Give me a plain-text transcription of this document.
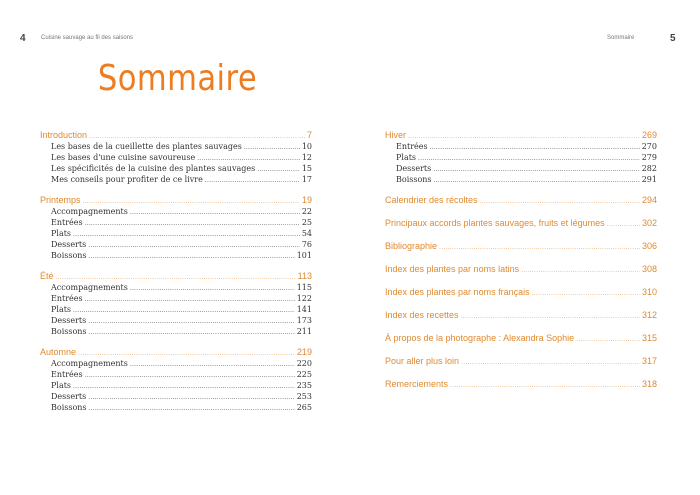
4	Cuisine sauvage au fil des saisons	Sommaire	5
Sommaire
Introduction .....	7
Les bases de la cueillette des plantes sauvages .....	10
Les bases d'une cuisine savoureuse .....	12
Les spécificités de la cuisine des plantes sauvages .....	15
Mes conseils pour profiter de ce livre .....	17
Printemps .....	19
Accompagnements .....	22
Entrées .....	25
Plats .....	54
Desserts .....	76
Boissons .....	101
Été .....	113
Accompagnements .....	115
Entrées .....	122
Plats .....	141
Desserts .....	173
Boissons .....	211
Automne .....	219
Accompagnements .....	220
Entrées .....	225
Plats .....	235
Desserts .....	253
Boissons .....	265
Hiver .....	269
Entrées .....	270
Plats .....	279
Desserts .....	282
Boissons .....	291
Calendrier des récoltes .....	294
Principaux accords plantes sauvages, fruits et légumes .....	302
Bibliographie .....	306
Index des plantes par noms latins .....	308
Index des plantes par noms français .....	310
Index des recettes .....	312
À propos de la photographe : Alexandra Sophie .....	315
Pour aller plus loin .....	317
Remerciements .....	318
